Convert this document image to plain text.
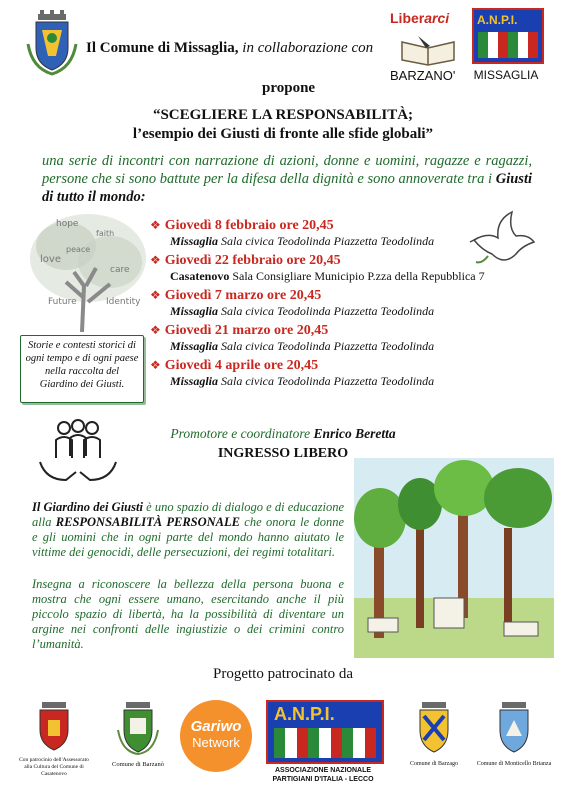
Il Comune di Missaglia, in collaborazione con
Liberarci
BARZANO'
A.N.P.I.
MISSAGLIA
propone
“SCEGLIERE LA RESPONSABILITÀ;
l’esempio dei Giusti di fronte alle sfide globali”
una serie di incontri con narrazione di azioni, donne e uomini, ragazze e ragazzi, persone che si sono battute per la difesa della dignità e sono annoverate tra i Giusti di tutto il mondo:
hope
faith
love
care
peace
Future	Identity
Storie e contesti storici di ogni tempo e di ogni paese nella raccolta del Giardino dei Giusti.
❖ Giovedì 8 febbraio ore 20,45
Missaglia Sala civica Teodolinda Piazzetta Teodolinda
❖ Giovedì 22 febbraio ore 20,45
Casatenovo Sala Consigliare Municipio P.zza della Repubblica 7
❖ Giovedì 7 marzo ore 20,45
Missaglia Sala civica Teodolinda Piazzetta Teodolinda
❖ Giovedì 21 marzo ore 20,45
Missaglia Sala civica Teodolinda Piazzetta Teodolinda
❖ Giovedì 4 aprile ore 20,45
Missaglia Sala civica Teodolinda Piazzetta Teodolinda
Promotore e coordinatore Enrico Beretta
INGRESSO LIBERO
Il Giardino dei Giusti è uno spazio di dialogo e di educazione alla RESPONSABILITÀ PERSONALE che onora le donne e gli uomini che in ogni parte del mondo hanno aiutato le vittime dei genocidi, delle persecuzioni, dei regimi totalitari.
Insegna a riconoscere la bellezza della persona buona e mostra che ogni essere umano, esercitando anche il più piccolo spazio di libertà, ha la possibilità di diventare un argine nei confronti delle ingiustizie o dei crimini contro l’umanità.
Progetto patrocinato da
Con patrocinio dell'Assessorato alla Cultura del Comune di Casatenovo
Comune di Barzanò
Gariwo
Network
A.N.P.I.
ASSOCIAZIONE NAZIONALE
PARTIGIANI D'ITALIA - LECCO
Comune di Barzago	Comune di Monticello Brianza
